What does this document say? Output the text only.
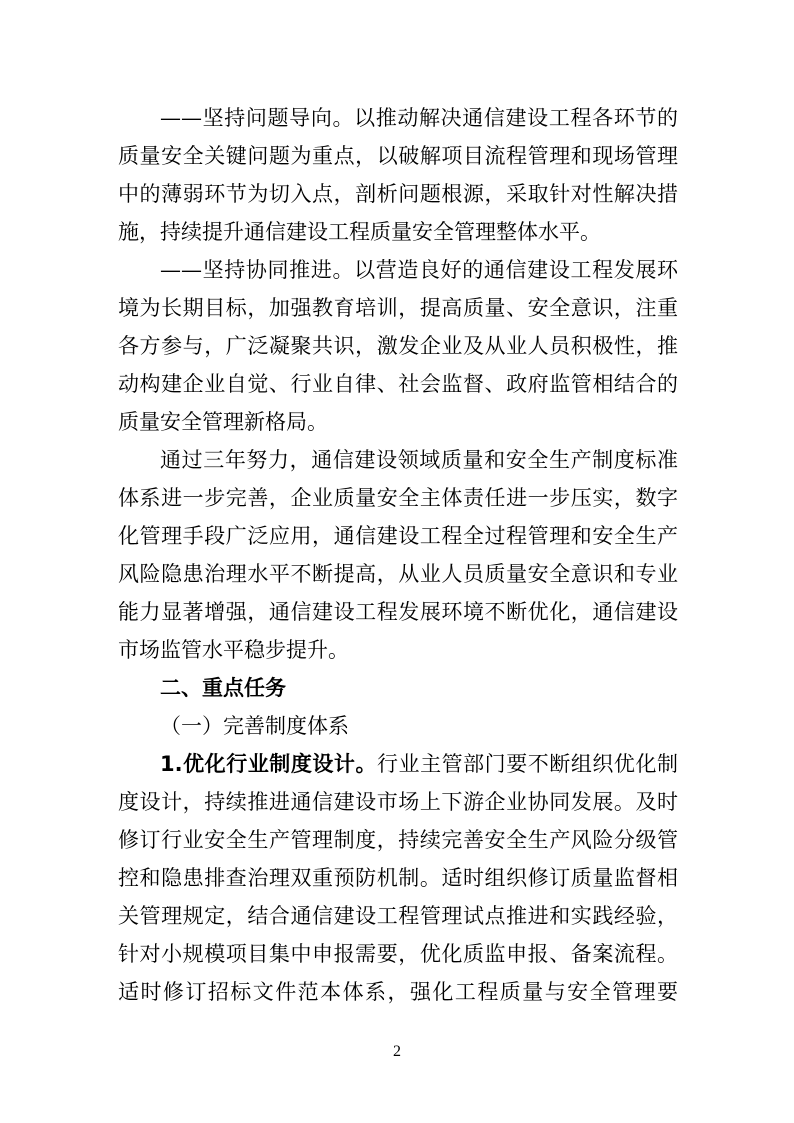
——坚持问题导向。以推动解决通信建设工程各环节的
质量安全关键问题为重点，以破解项目流程管理和现场管理
中的薄弱环节为切入点，剖析问题根源，采取针对性解决措
施，持续提升通信建设工程质量安全管理整体水平。
——坚持协同推进。以营造良好的通信建设工程发展环
境为长期目标，加强教育培训，提高质量、安全意识，注重
各方参与，广泛凝聚共识，激发企业及从业人员积极性，推
动构建企业自觉、行业自律、社会监督、政府监管相结合的
质量安全管理新格局。
通过三年努力，通信建设领域质量和安全生产制度标准
体系进一步完善，企业质量安全主体责任进一步压实，数字
化管理手段广泛应用，通信建设工程全过程管理和安全生产
风险隐患治理水平不断提高，从业人员质量安全意识和专业
能力显著增强，通信建设工程发展环境不断优化，通信建设
市场监管水平稳步提升。
二、重点任务
（一）完善制度体系
1.优化行业制度设计。行业主管部门要不断组织优化制
度设计，持续推进通信建设市场上下游企业协同发展。及时
修订行业安全生产管理制度，持续完善安全生产风险分级管
控和隐患排查治理双重预防机制。适时组织修订质量监督相
关管理规定，结合通信建设工程管理试点推进和实践经验，
针对小规模项目集中申报需要，优化质监申报、备案流程。
适时修订招标文件范本体系，强化工程质量与安全管理要
2
